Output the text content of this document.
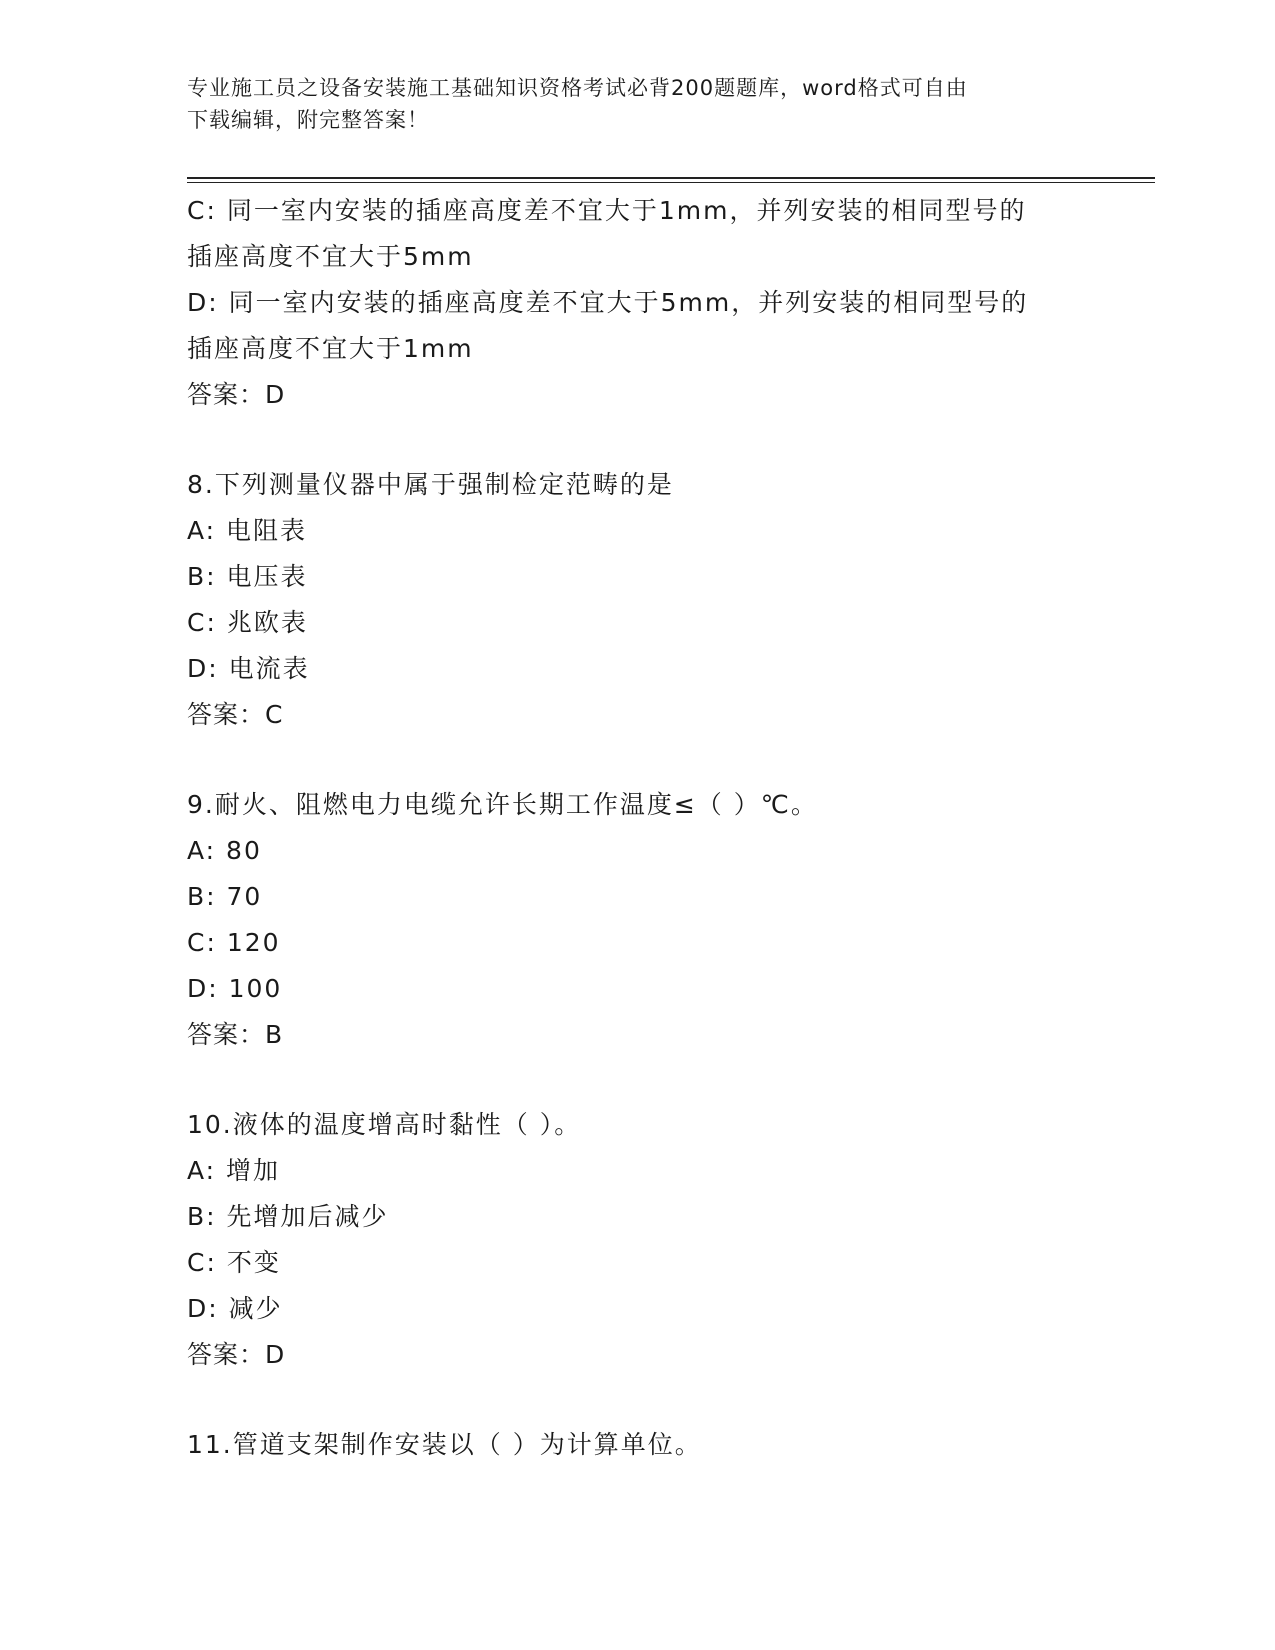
专业施工员之设备安装施工基础知识资格考试必背200题题库，word格式可自由
下载编辑，附完整答案！
C: 同一室内安装的插座高度差不宜大于1mm，并列安装的相同型号的
插座高度不宜大于5mm
D: 同一室内安装的插座高度差不宜大于5mm，并列安装的相同型号的
插座高度不宜大于1mm
答案：D
8.下列测量仪器中属于强制检定范畴的是
A: 电阻表
B: 电压表
C: 兆欧表
D: 电流表
答案：C
9.耐火、阻燃电力电缆允许长期工作温度≤（ ）℃。
A: 80
B: 70
C: 120
D: 100
答案：B
10.液体的温度增高时黏性（ ）。
A: 增加
B: 先增加后减少
C: 不变
D: 减少
答案：D
11.管道支架制作安装以（ ）为计算单位。
